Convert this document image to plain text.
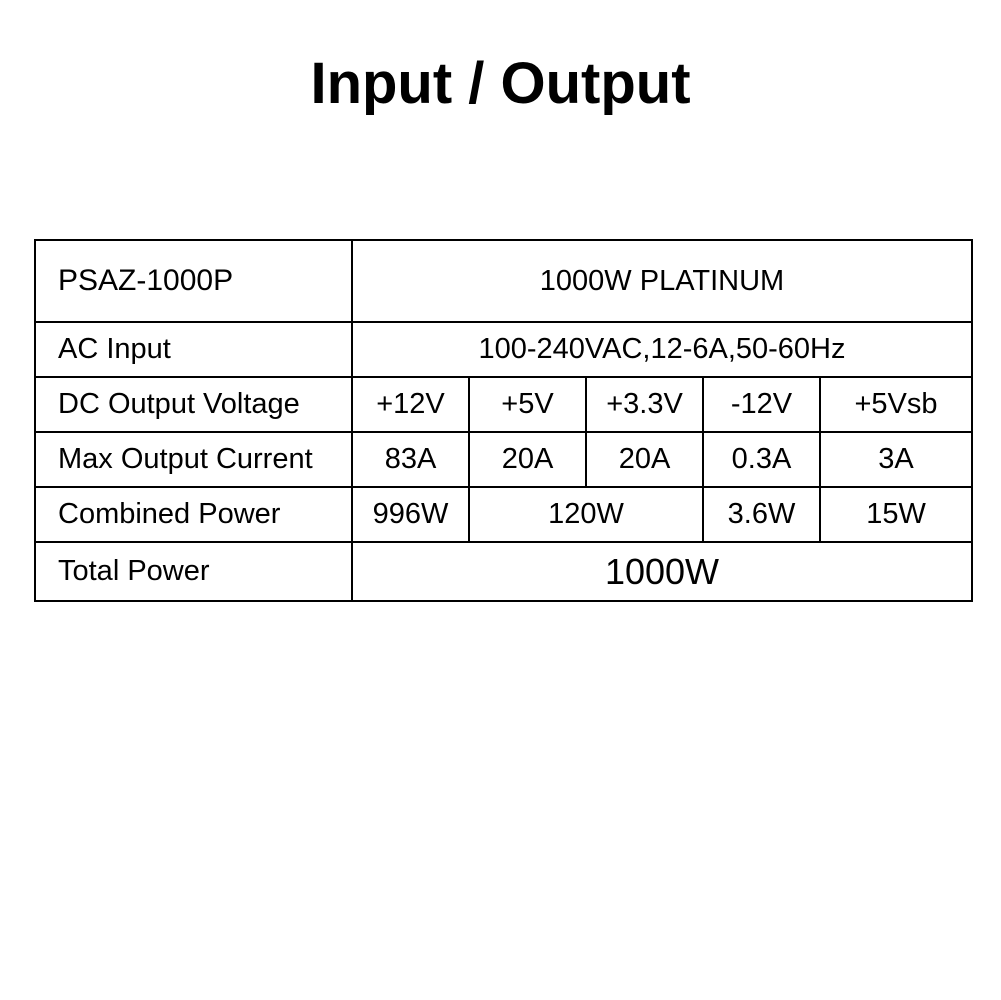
Input / Output
PSAZ-1000P	1000W PLATINUM				
AC Input	100-240VAC,12-6A,50-60Hz				
DC Output Voltage	+12V	+5V	+3.3V	-12V	+5Vsb
Max Output Current	83A	20A	20A	0.3A	3A
Combined Power	996W	120W		3.6W	15W
Total Power	1000W				
